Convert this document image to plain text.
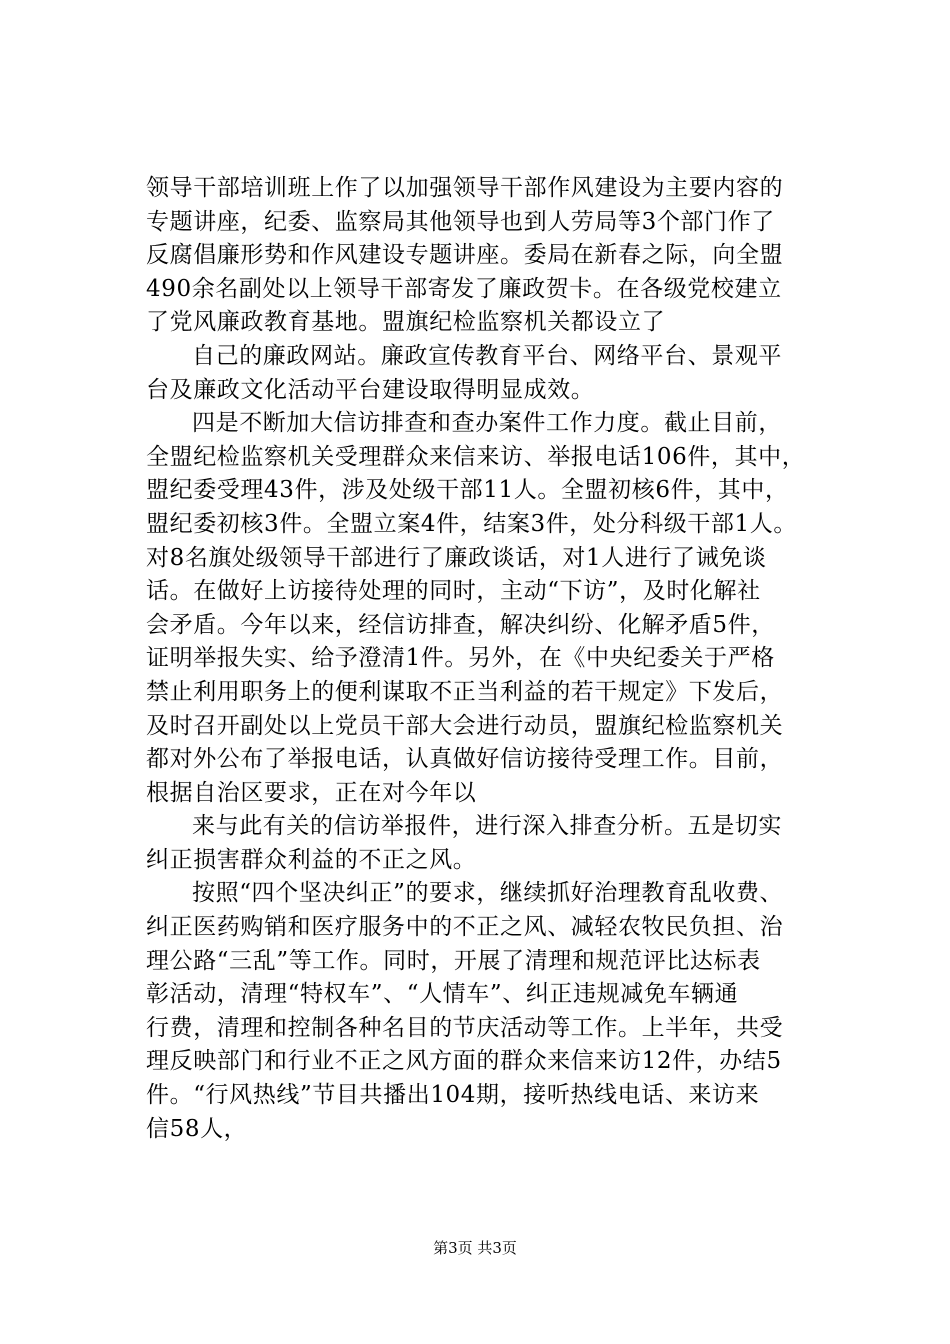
领导干部培训班上作了以加强领导干部作风建设为主要内容的
专题讲座，纪委、监察局其他领导也到人劳局等3个部门作了
反腐倡廉形势和作风建设专题讲座。委局在新春之际，向全盟
490余名副处以上领导干部寄发了廉政贺卡。在各级党校建立
了党风廉政教育基地。盟旗纪检监察机关都设立了
自己的廉政网站。廉政宣传教育平台、网络平台、景观平
台及廉政文化活动平台建设取得明显成效。
四是不断加大信访排查和查办案件工作力度。截止目前，
全盟纪检监察机关受理群众来信来访、举报电话106件，其中，
盟纪委受理43件，涉及处级干部11人。全盟初核6件，其中，
盟纪委初核3件。全盟立案4件，结案3件，处分科级干部1人。
对8名旗处级领导干部进行了廉政谈话，对1人进行了诫免谈
话。在做好上访接待处理的同时，主动“下访”，及时化解社
会矛盾。今年以来，经信访排查，解决纠纷、化解矛盾5件，
证明举报失实、给予澄清1件。另外，在《中央纪委关于严格
禁止利用职务上的便利谋取不正当利益的若干规定》下发后，
及时召开副处以上党员干部大会进行动员，盟旗纪检监察机关
都对外公布了举报电话，认真做好信访接待受理工作。目前，
根据自治区要求，正在对今年以
来与此有关的信访举报件，进行深入排查分析。五是切实
纠正损害群众利益的不正之风。
按照“四个坚决纠正”的要求，继续抓好治理教育乱收费、
纠正医药购销和医疗服务中的不正之风、减轻农牧民负担、治
理公路“三乱”等工作。同时，开展了清理和规范评比达标表
彰活动，清理“特权车”、“人情车”、纠正违规减免车辆通
行费，清理和控制各种名目的节庆活动等工作。上半年，共受
理反映部门和行业不正之风方面的群众来信来访12件，办结5
件。“行风热线”节目共播出104期，接听热线电话、来访来
信58人，
第3页 共3页
